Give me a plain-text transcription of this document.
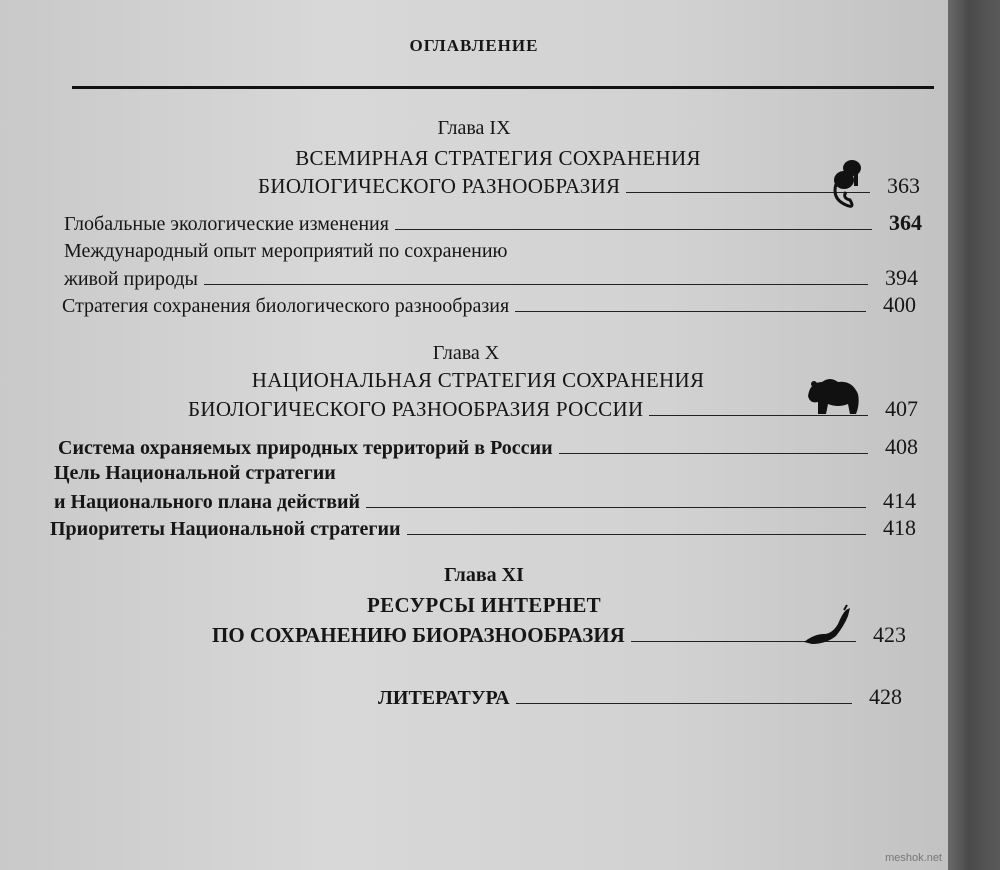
ОГЛАВЛЕНИЕ
Глава IX
ВСЕМИРНАЯ СТРАТЕГИЯ СОХРАНЕНИЯ
БИОЛОГИЧЕСКОГО РАЗНООБРАЗИЯ	363
Глобальные экологические изменения	364
Международный опыт мероприятий по сохранению
живой природы	394
Стратегия сохранения биологического разнообразия	400
Глава X
НАЦИОНАЛЬНАЯ СТРАТЕГИЯ СОХРАНЕНИЯ
БИОЛОГИЧЕСКОГО РАЗНООБРАЗИЯ РОССИИ	407
Система охраняемых природных территорий в России	408
Цель Национальной стратегии
и Национального плана действий	414
Приоритеты Национальной стратегии	418
Глава XI
РЕСУРСЫ ИНТЕРНЕТ
ПО СОХРАНЕНИЮ БИОРАЗНООБРАЗИЯ	423
ЛИТЕРАТУРА	428
meshok.net
